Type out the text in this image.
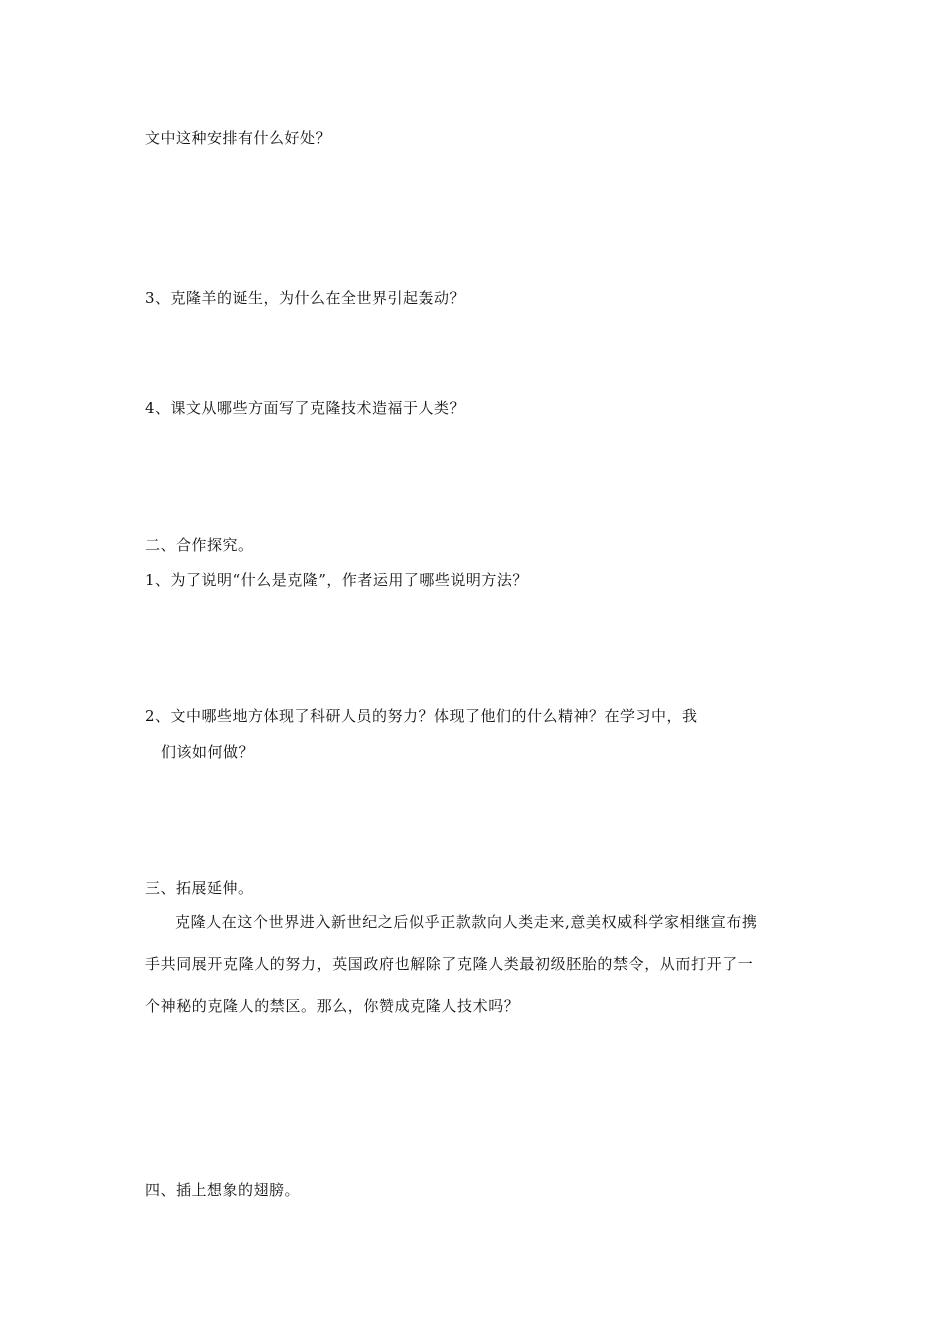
文中这种安排有什么好处？
3、克隆羊的诞生，为什么在全世界引起轰动？
4、课文从哪些方面写了克隆技术造福于人类？
二、合作探究。
1、为了说明“什么是克隆”，作者运用了哪些说明方法？
2、文中哪些地方体现了科研人员的努力？体现了他们的什么精神？在学习中，我
们该如何做？
三、拓展延伸。

克隆人在这个世界进入新世纪之后似乎正款款向人类走来,意美权威科学家相继宣布携

手共同展开克隆人的努力，英国政府也解除了克隆人类最初级胚胎的禁令，从而打开了一

个神秘的克隆人的禁区。那么，你赞成克隆人技术吗？

四、插上想象的翅膀。
